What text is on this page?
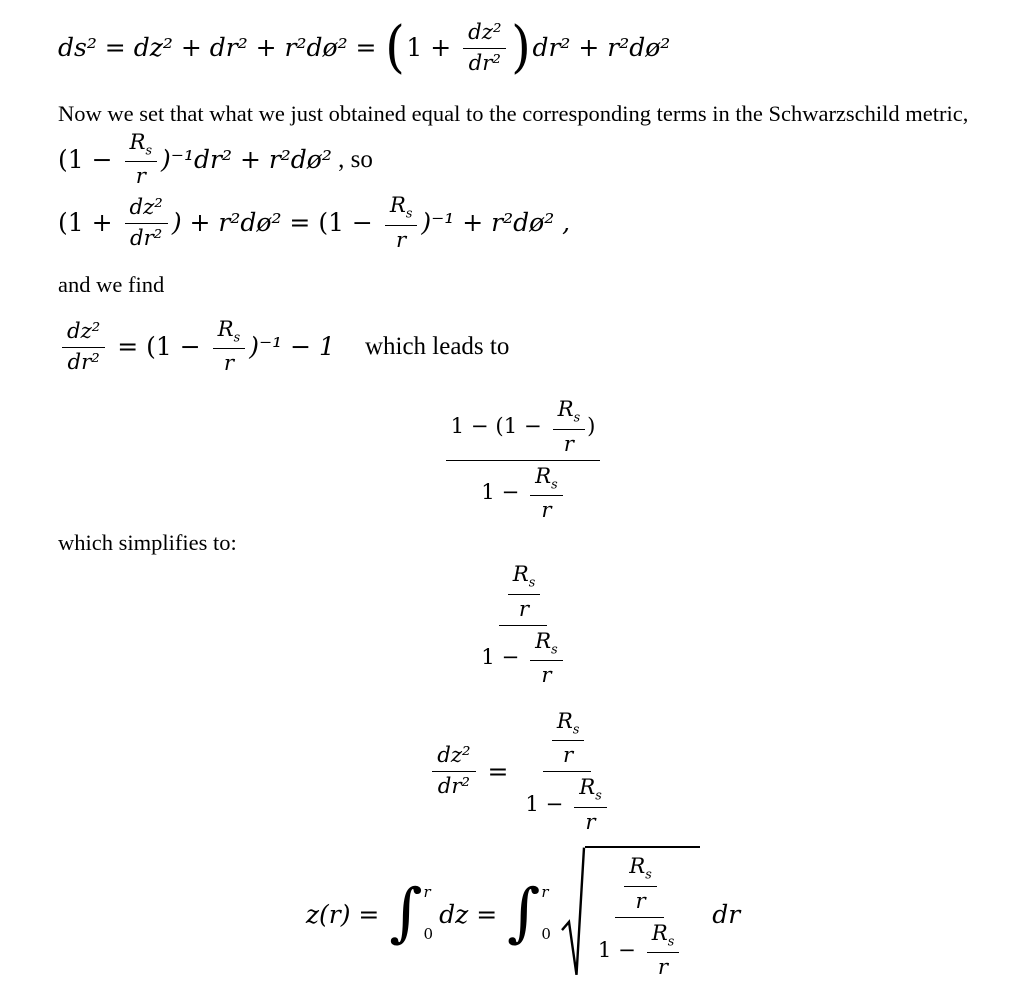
ds² = dz² + dr² + r²dø² = ( $1 + \frac{\text{dz²}}{\text{dr²}}$ ) dr² + r²dø²

Now we set that what we just obtained equal to the corresponding terms in the Schwarzschild metric,

$(1 - \frac{R_s}{r} )^{-1}dr^2$ + r²dø² , so
($1 + \frac{\text{dz²}}{\text{dr²}}$ ) + r²dø² = $(1 - \frac{R_s}{r} )^{-1}$ + r²dø² ,

and we find

$\frac{\text{dz²}}{\text{dr²}} = (1 - \frac{R_s}{r} )^{-1} - 1$ which leads to
$\frac{1 - (1 - \frac{R_s}{r} )}{1 - \frac{R_s}{r}}$

which simplifies to:

$\frac{\frac{R_s}{r}}{1 - \frac{R_s}{r}}$
$\frac{\text{dz²}}{\text{dr²}} = \frac{\frac{R_s}{r}}{1 - \frac{R_s}{r}}$
z(r) = ∫ r
0
dz = ∫ r
$0 \frac{\frac{R_s}{r}}{1 - \frac{R_s}{r}}$ dr
